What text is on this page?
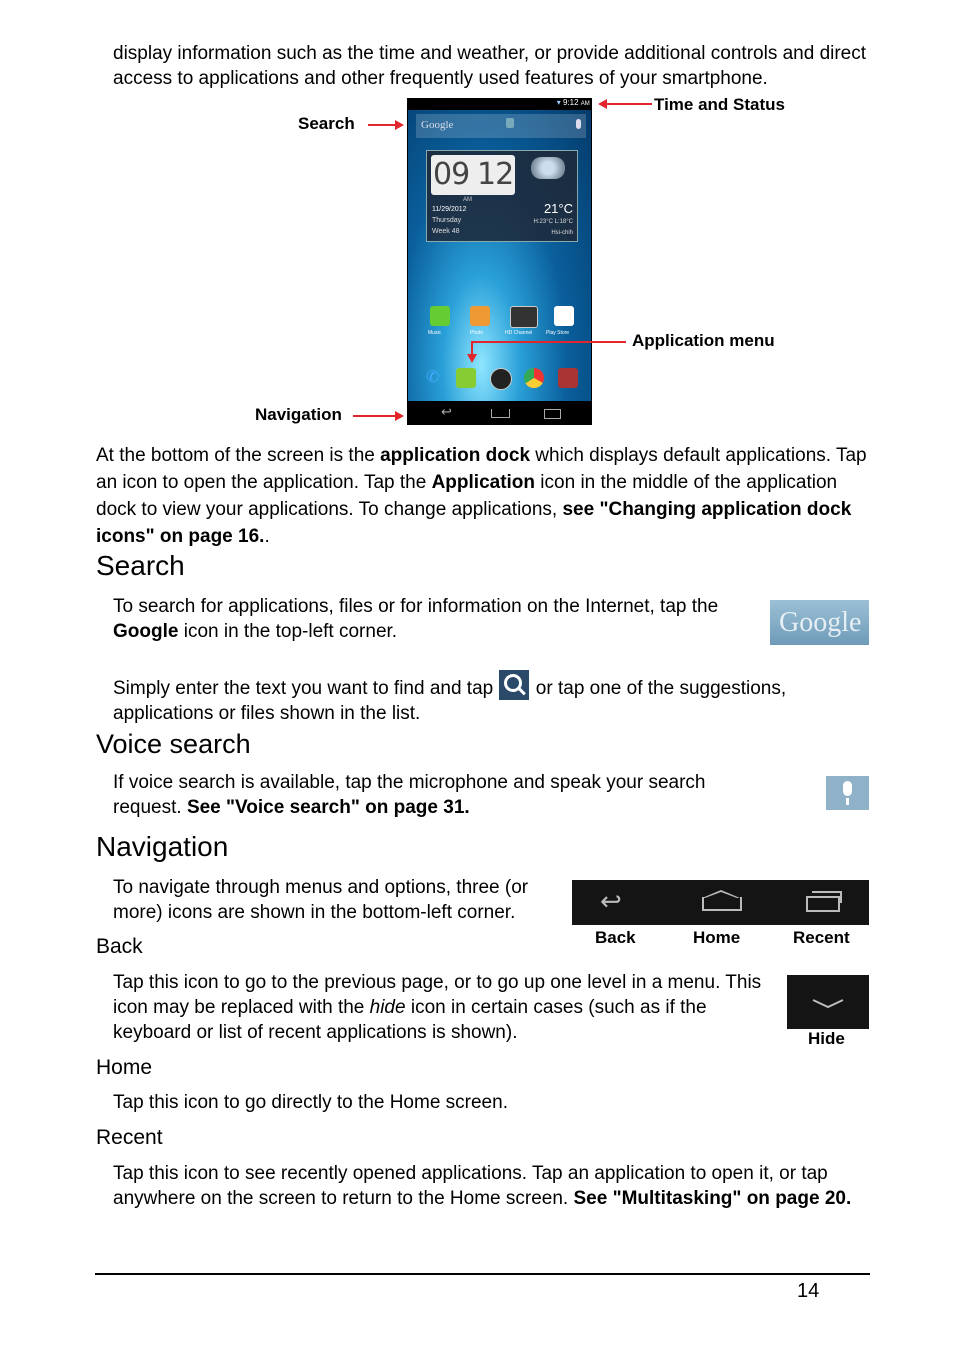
display information such as the time and weather, or provide additional controls and direct access to applications and other frequently used features of your smartphone.
▾ 9:12 AM
Google
09 12
AM
11/29/2012
Thursday
Week 48
21°C
H:23°C L:18°C
Hsi-chih
Music	Photo	HD Channel	Play Store
✆
↩
Time and Status
Search
Application menu
Navigation
At the bottom of the screen is the application dock which displays default applications. Tap an icon to open the application. Tap the Application icon in the middle of the application dock to view your applications. To change applications, see "Changing application dock icons" on page 16..
Search
To search for applications, files or for information on the Internet, tap the Google icon in the top-left corner.	Google
Simply enter the text you want to find and tap
or tap one of the suggestions, applications or files shown in the list.
Voice search
If voice search is available, tap the microphone and speak your search request. See "Voice search" on page 31.
Navigation
To navigate through menus and options, three (or more) icons are shown in the bottom-left corner.	↩
Back	Home	Recent
Back
Tap this icon to go to the previous page, or to go up one level in a menu. This icon may be replaced with the hide icon in certain cases (such as if the keyboard or list of recent applications is shown).	Hide
Home
Tap this icon to go directly to the Home screen.
Recent
Tap this icon to see recently opened applications. Tap an application to open it, or tap anywhere on the screen to return to the Home screen. See "Multitasking" on page 20.
14
